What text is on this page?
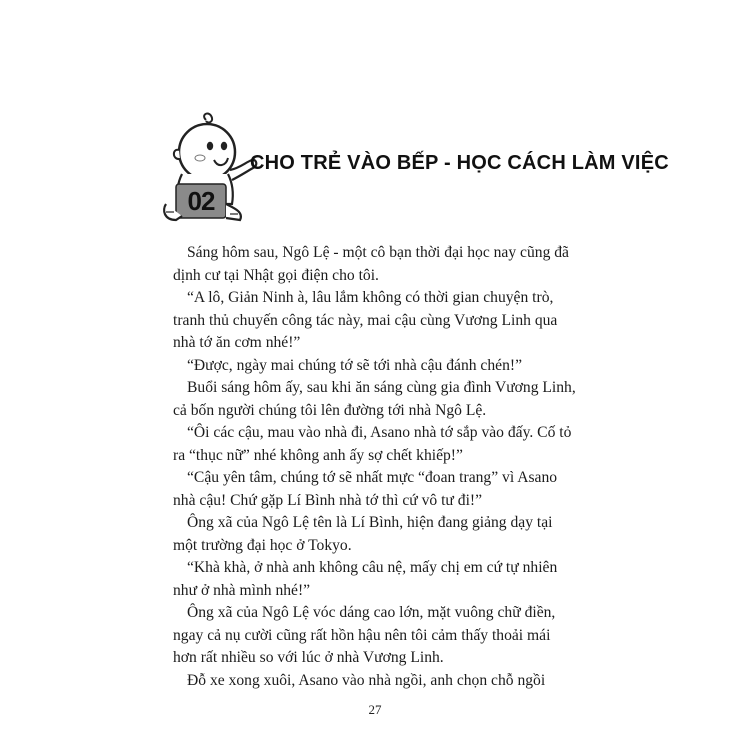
02
CHO TRẺ VÀO BẾP - HỌC CÁCH LÀM VIỆC

Sáng hôm sau, Ngô Lệ - một cô bạn thời đại học nay cũng đã
dịnh cư tại Nhật gọi điện cho tôi.

“A lô, Giản Ninh à, lâu lắm không có thời gian chuyện trò,
tranh thủ chuyến công tác này, mai cậu cùng Vương Linh qua
nhà tớ ăn cơm nhé!”

“Được, ngày mai chúng tớ sẽ tới nhà cậu đánh chén!”

Buổi sáng hôm ấy, sau khi ăn sáng cùng gia đình Vương Linh,
cả bốn người chúng tôi lên đường tới nhà Ngô Lệ.

“Ôi các cậu, mau vào nhà đi, Asano nhà tớ sắp vào đấy. Cố tỏ
ra “thục nữ” nhé không anh ấy sợ chết khiếp!”

“Cậu yên tâm, chúng tớ sẽ nhất mực “đoan trang” vì Asano
nhà cậu! Chứ gặp Lí Bình nhà tớ thì cứ vô tư đi!”

Ông xã của Ngô Lệ tên là Lí Bình, hiện đang giảng dạy tại
một trường đại học ở Tokyo.

“Khà khà, ở nhà anh không câu nệ, mấy chị em cứ tự nhiên
như ở nhà mình nhé!”

Ông xã của Ngô Lệ vóc dáng cao lớn, mặt vuông chữ điền,
ngay cả nụ cười cũng rất hồn hậu nên tôi cảm thấy thoải mái
hơn rất nhiều so với lúc ở nhà Vương Linh.

Đỗ xe xong xuôi, Asano vào nhà ngồi, anh chọn chỗ ngồi

27
